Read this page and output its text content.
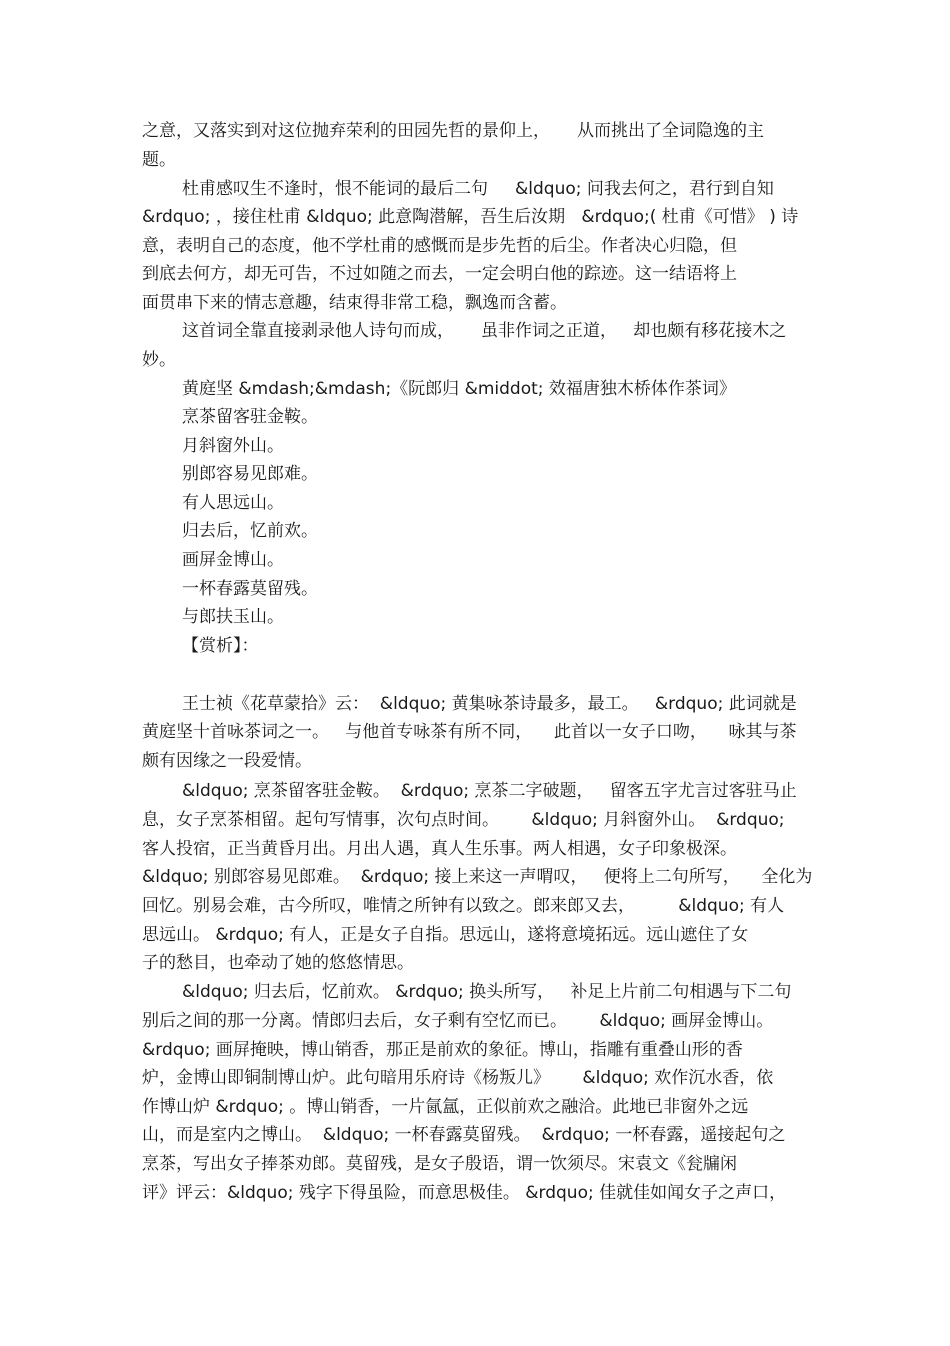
之意，又落实到对这位抛弃荣利的田园先哲的景仰上，     从而挑出了全词隐逸的主
题。
杜甫感叹生不逢时，恨不能词的最后二句     &ldquo; 问我去何之，君行到自知
&rdquo; ，接住杜甫 &ldquo; 此意陶潜解，吾生后汝期   &rdquo;( 杜甫《可惜》 ) 诗
意，表明自己的态度，他不学杜甫的感慨而是步先哲的后尘。作者决心归隐，但
到底去何方，却无可告，不过如随之而去，一定会明白他的踪迹。这一结语将上
面贯串下来的情志意趣，结束得非常工稳，飘逸而含蓄。
这首词全靠直接剥录他人诗句而成，     虽非作词之正道，   却也颇有移花接木之
妙。
黄庭坚 &mdash;&mdash;《阮郎归 &middot; 效福唐独木桥体作茶词》
烹茶留客驻金鞍。
月斜窗外山。
别郎容易见郎难。
有人思远山。
归去后，忆前欢。
画屏金博山。
一杯春露莫留残。
与郎扶玉山。
【赏析】：
王士祯《花草蒙拾》云：  &ldquo; 黄集咏茶诗最多，最工。   &rdquo; 此词就是
黄庭坚十首咏茶词之一。   与他首专咏茶有所不同，    此首以一女子口吻，    咏其与茶
颇有因缘之一段爱情。
&ldquo; 烹茶留客驻金鞍。  &rdquo; 烹茶二字破题，   留客五字尤言过客驻马止
息，女子烹茶相留。起句写情事，次句点时间。      &ldquo; 月斜窗外山。  &rdquo;
客人投宿，正当黄昏月出。月出人遇，真人生乐事。两人相遇，女子印象极深。
&ldquo; 别郎容易见郎难。  &rdquo; 接上来这一声喟叹，   便将上二句所写，    全化为
回忆。别易会难，古今所叹，唯情之所钟有以致之。郎来郎又去，        &ldquo; 有人
思远山。 &rdquo; 有人，正是女子自指。思远山，遂将意境拓远。远山遮住了女
子的愁目，也牵动了她的悠悠情思。
&ldquo; 归去后，忆前欢。 &rdquo; 换头所写，   补足上片前二句相遇与下二句
别后之间的那一分离。情郎归去后，女子剩有空忆而已。      &ldquo; 画屏金博山。
&rdquo; 画屏掩映，博山销香，那正是前欢的象征。博山，指雕有重叠山形的香
炉，金博山即铜制博山炉。此句暗用乐府诗《杨叛儿》      &ldquo; 欢作沉水香，依
作博山炉 &rdquo; 。博山销香，一片氤氲，正似前欢之融洽。此地已非窗外之远
山，而是室内之博山。  &ldquo; 一杯春露莫留残。  &rdquo; 一杯春露，遥接起句之
烹茶，写出女子捧茶劝郎。莫留残，是女子殷语，谓一饮须尽。宋袁文《瓮牖闲
评》评云：&ldquo; 残字下得虽险，而意思极佳。 &rdquo; 佳就佳如闻女子之声口，
